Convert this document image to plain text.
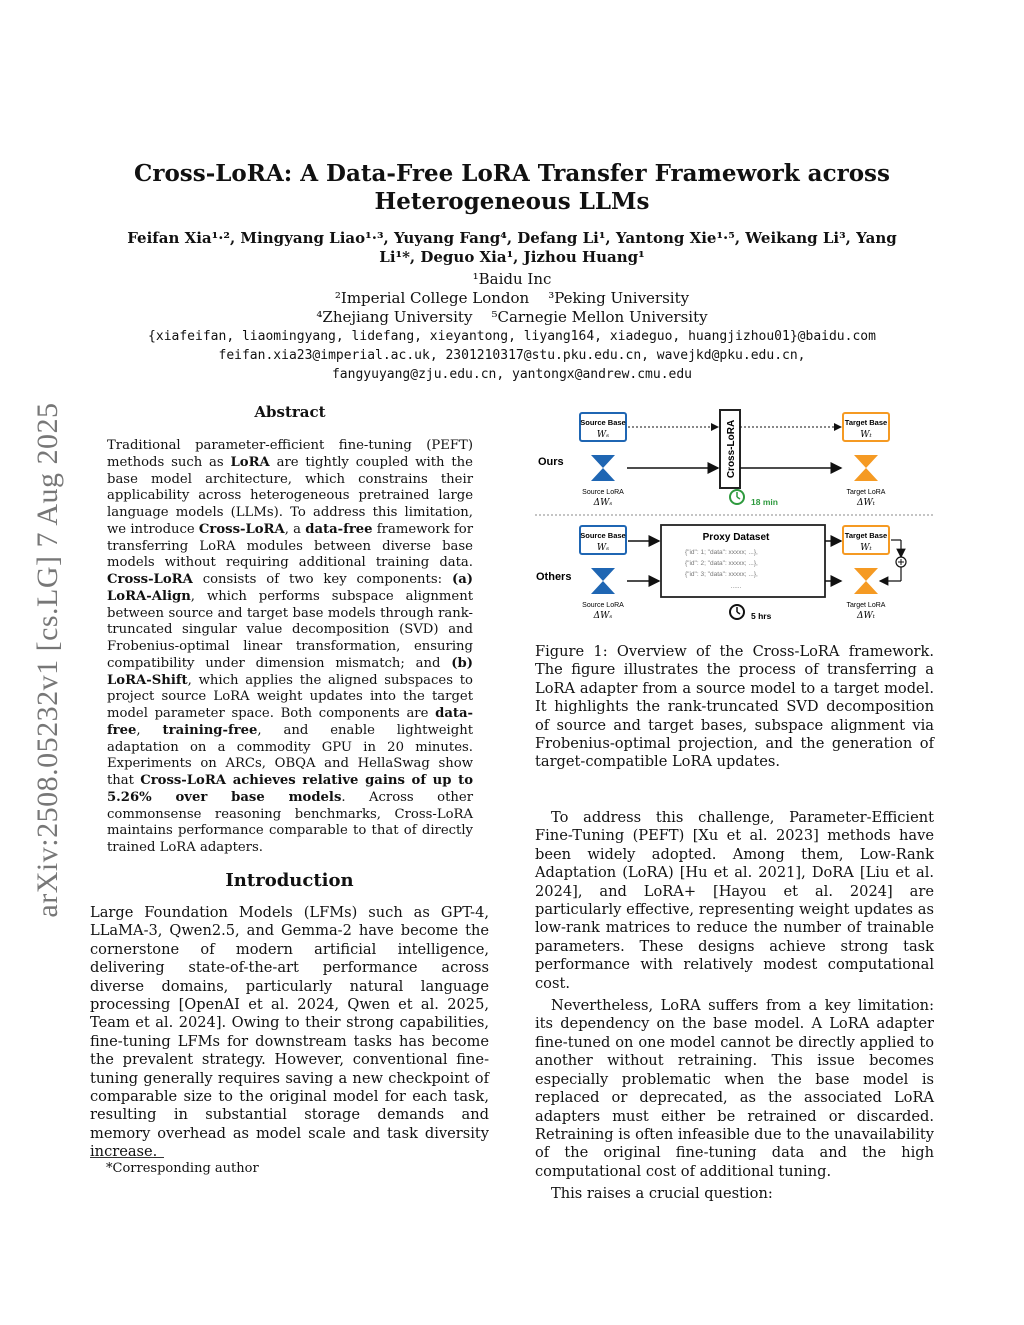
arXiv:2508.05232v1 [cs.LG] 7 Aug 2025
Cross-LoRA: A Data-Free LoRA Transfer Framework across
Heterogeneous LLMs
Feifan Xia¹·², Mingyang Liao¹·³, Yuyang Fang⁴, Defang Li¹, Yantong Xie¹·⁵, Weikang Li³, Yang
Li¹*, Deguo Xia¹, Jizhou Huang¹
¹Baidu Inc
²Imperial College London    ³Peking University
⁴Zhejiang University    ⁵Carnegie Mellon University
{xiafeifan, liaomingyang, lidefang, xieyantong, liyang164, xiadeguo, huangjizhou01}@baidu.com
feifan.xia23@imperial.ac.uk, 2301210317@stu.pku.edu.cn, wavejkd@pku.edu.cn,
fangyuyang@zju.edu.cn, yantongx@andrew.cmu.edu
Abstract
Traditional parameter-efficient fine-tuning (PEFT) methods such as LoRA are tightly coupled with the base model architecture, which constrains their applicability across heterogeneous pretrained large language models (LLMs). To address this limitation, we introduce Cross-LoRA, a data-free framework for transferring LoRA modules between diverse base models without requiring additional training data. Cross-LoRA consists of two key components: (a) LoRA-Align, which performs subspace alignment between source and target base models through rank-truncated singular value decomposition (SVD) and Frobenius-optimal linear transformation, ensuring compatibility under dimension mismatch; and (b) LoRA-Shift, which applies the aligned subspaces to project source LoRA weight updates into the target model parameter space. Both components are data-free, training-free, and enable lightweight adaptation on a commodity GPU in 20 minutes. Experiments on ARCs, OBQA and HellaSwag show that Cross-LoRA achieves relative gains of up to 5.26% over base models. Across other commonsense reasoning benchmarks, Cross-LoRA maintains performance comparable to that of directly trained LoRA adapters.
Introduction

Large Foundation Models (LFMs) such as GPT-4, LLaMA-3, Qwen2.5, and Gemma-2 have become the cornerstone of modern artificial intelligence, delivering state-of-the-art performance across diverse domains, particularly natural language processing [OpenAI et al. 2024, Qwen et al. 2025, Team et al. 2024]. Owing to their strong capabilities, fine-tuning LFMs for downstream tasks has become the prevalent strategy. However, conventional fine-tuning generally requires saving a new checkpoint of comparable size to the original model for each task, resulting in substantial storage demands and memory overhead as model scale and task diversity increase.

*Corresponding author
Ours
Source Base
Wₛ	Cross-LoRA	Target Base
Wₜ
Source LoRA
ΔWₛ
Target LoRA
ΔWₜ
18 min
Others
Source Base
Wₛ
Proxy Dataset
{"id": 1; "data": xxxxx; ...},
{"id": 2; "data": xxxxx; ...},
{"id": 3; "data": xxxxx; ...},
......
Target Base
Wₜ
Source LoRA
ΔWₛ
Target LoRA
ΔWₜ
5 hrs
Figure 1: Overview of the Cross-LoRA framework. The figure illustrates the process of transferring a LoRA adapter from a source model to a target model. It highlights the rank-truncated SVD decomposition of source and target bases, subspace alignment via Frobenius-optimal projection, and the generation of target-compatible LoRA updates.

To address this challenge, Parameter-Efficient Fine-Tuning (PEFT) [Xu et al. 2023] methods have been widely adopted. Among them, Low-Rank Adaptation (LoRA) [Hu et al. 2021], DoRA [Liu et al. 2024], and LoRA+ [Hayou et al. 2024] are particularly effective, representing weight updates as low-rank matrices to reduce the number of trainable parameters. These designs achieve strong task performance with relatively modest computational cost.

Nevertheless, LoRA suffers from a key limitation: its dependency on the base model. A LoRA adapter fine-tuned on one model cannot be directly applied to another without retraining. This issue becomes especially problematic when the base model is replaced or deprecated, as the associated LoRA adapters must either be retrained or discarded. Retraining is often infeasible due to the unavailability of the original fine-tuning data and the high computational cost of additional tuning.

This raises a crucial question:
